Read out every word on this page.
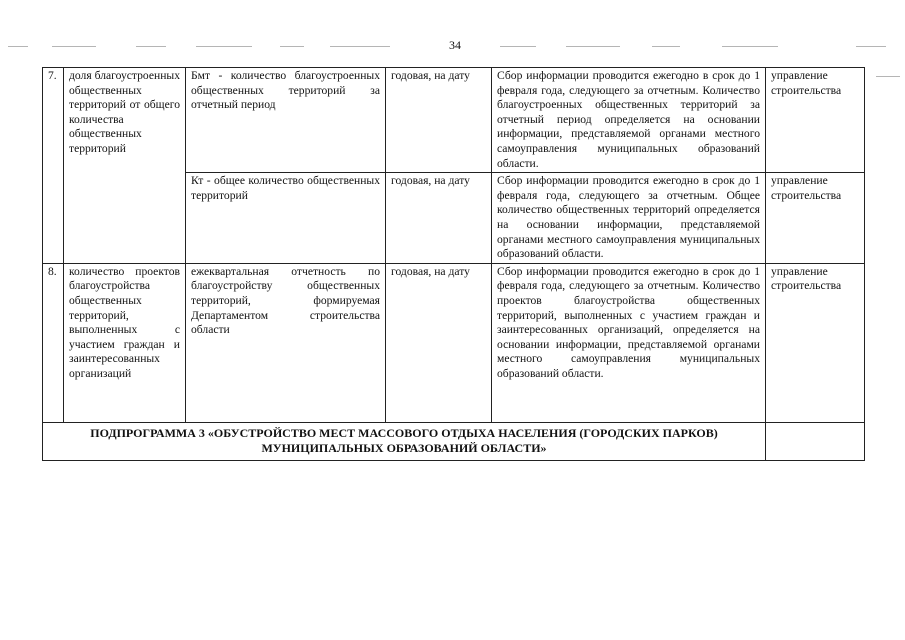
34
7.	доля благоустроенных общественных территорий от общего количества общественных территорий	Бмт - количество благоустроенных общественных территорий за отчетный период	годовая, на дату	Сбор информации проводится ежегодно в срок до 1 февраля года, следующего за отчетным. Количество благоустроенных общественных территорий за отчетный период определяется на основании информации, представляемой органами местного самоуправления муниципальных образований области.	управление строительства
		Кт - общее количество общественных территорий	годовая, на дату	Сбор информации проводится ежегодно в срок до 1 февраля года, следующего за отчетным. Общее количество общественных территорий определяется на основании информации, представляемой органами местного самоуправления муниципальных образований области.	управление строительства
8.	количество проектов благоустройства общественных территорий, выполненных с участием граждан и заинтересованных организаций	ежеквартальная отчетность по благоустройству общественных территорий, формируемая Департаментом строительства области	годовая, на дату	Сбор информации проводится ежегодно в срок до 1 февраля года, следующего за отчетным. Количество проектов благоустройства общественных территорий, выполненных с участием граждан и заинтересованных организаций, определяется на основании информации, представляемой органами местного самоуправления муниципальных образований области.	управление строительства
ПОДПРОГРАММА 3 «ОБУСТРОЙСТВО МЕСТ МАССОВОГО ОТДЫХА НАСЕЛЕНИЯ (ГОРОДСКИХ ПАРКОВ) МУНИЦИПАЛЬНЫХ ОБРАЗОВАНИЙ ОБЛАСТИ»					
